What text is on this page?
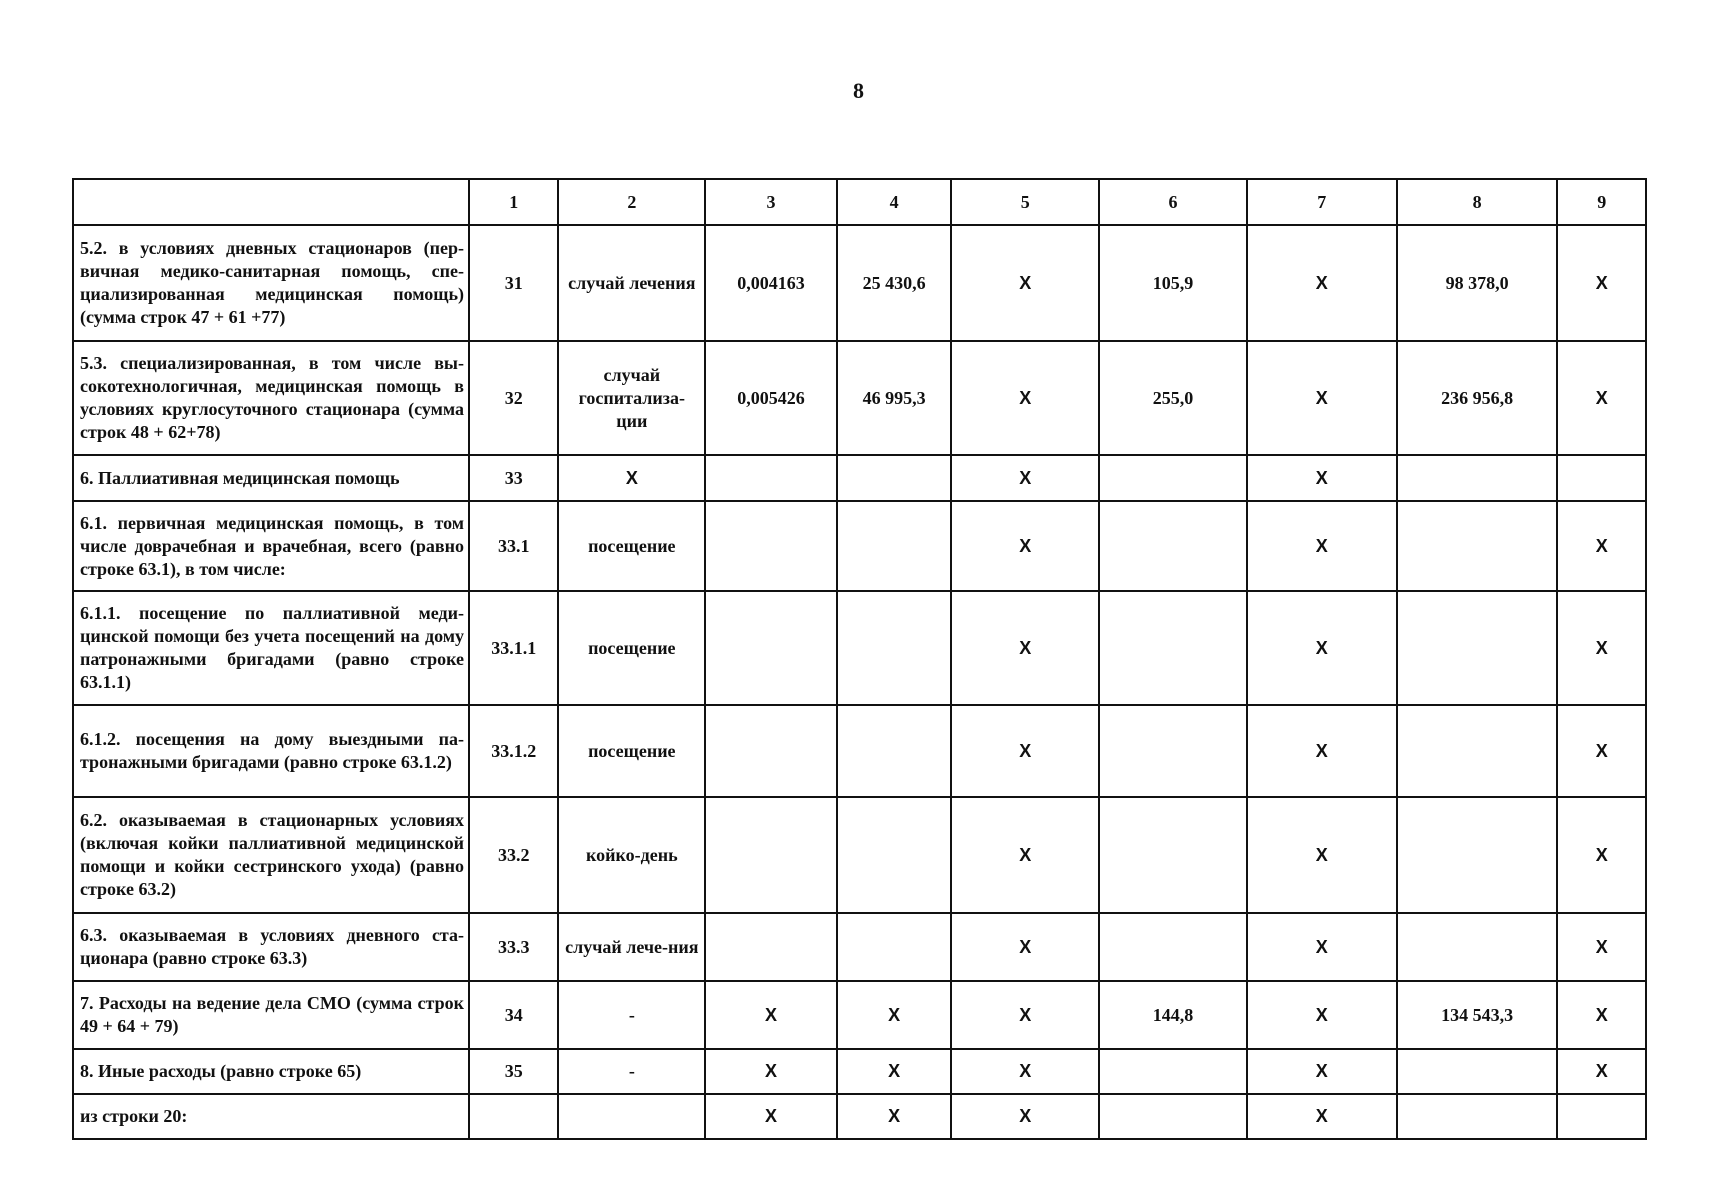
8
	1	2	3	4	5	6	7	8	9
5.2. в условиях дневных стационаров (первичная медико-санитарная помощь, специализированная медицинская помощь) (сумма строк 47 + 61 +77)	31	случай лечения	0,004163	25 430,6	X	105,9	X	98 378,0	X
5.3. специализированная, в том числе высокотехнологичная, медицинская помощь в условиях круглосуточного стационара (сумма строк 48 + 62+78)	32	случай госпитализа-ции	0,005426	46 995,3	X	255,0	X	236 956,8	X
6. Паллиативная медицинская помощь	33	X			X		X		
6.1. первичная медицинская помощь, в том числе доврачебная и врачебная, всего (равно строке 63.1), в том числе:	33.1	посещение			X		X		X
6.1.1. посещение по паллиативной медицинской помощи без учета посещений на дому патронажными бригадами (равно строке 63.1.1)	33.1.1	посещение			X		X		X
6.1.2. посещения на дому выездными патронажными бригадами (равно строке 63.1.2)	33.1.2	посещение			X		X		X
6.2. оказываемая в стационарных условиях (включая койки паллиативной медицинской помощи и койки сестринского ухода) (равно строке 63.2)	33.2	койко-день			X		X		X
6.3. оказываемая в условиях дневного стационара (равно строке 63.3)	33.3	случай лече-ния			X		X		X
7. Расходы на ведение дела СМО (сумма строк 49 + 64 + 79)	34	-	X	X	X	144,8	X	134 543,3	X
8. Иные расходы (равно строке 65)	35	-	X	X	X		X		X
из строки 20:			X	X	X		X		
